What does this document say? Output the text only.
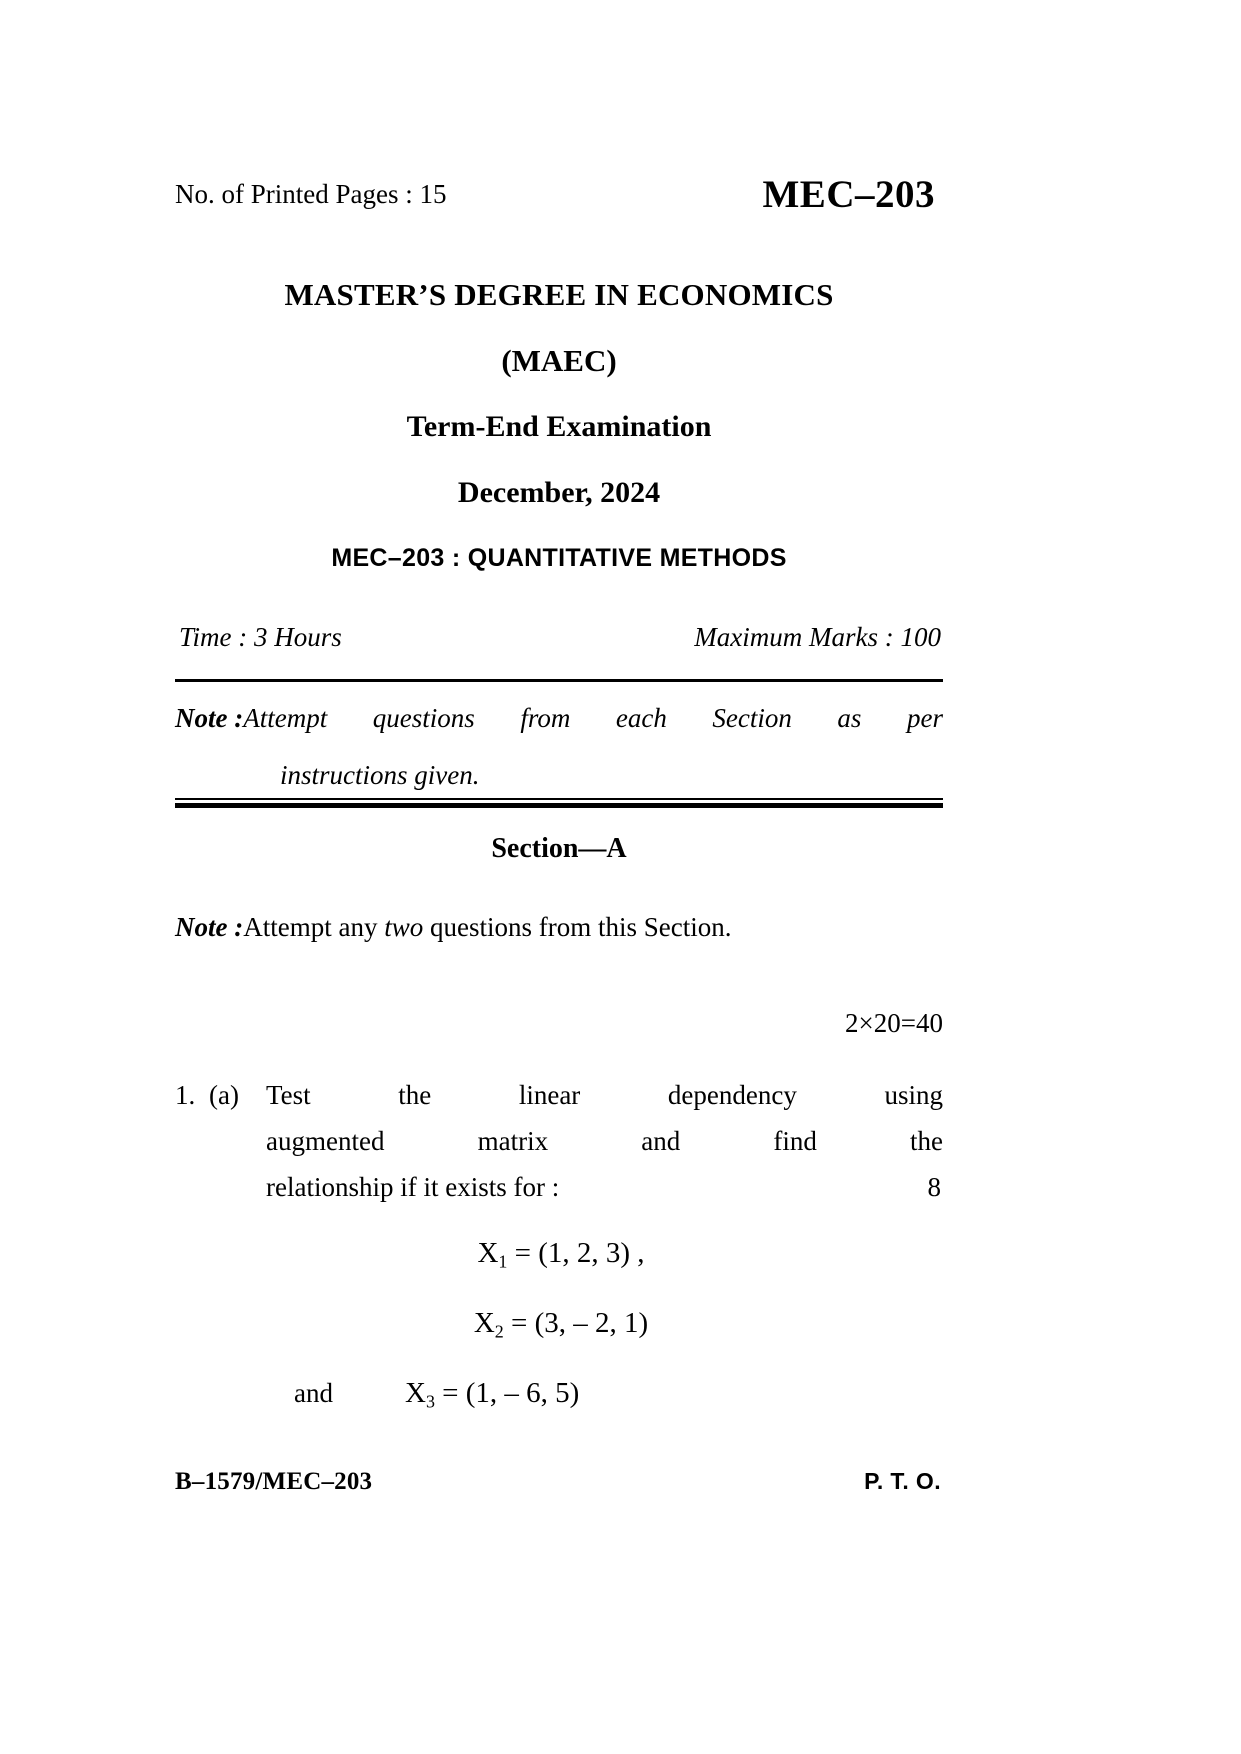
No. of Printed Pages : 15	MEC–203
MASTER’S DEGREE IN ECONOMICS
(MAEC)
Term-End Examination
December, 2024
MEC–203 : QUANTITATIVE METHODS
Time : 3 Hours	Maximum Marks : 100
Note : Attempt questions from each Section as per
instructions given.
Section—A
Note : Attempt any two questions from this Section.
2×20=40
1. (a)	Test the linear dependency using
augmented matrix and find the
relationship if it exists for :	8
$X_1 = (1$, 2, 3) ,
$X_2 = (3$, – 2, 1)
and $X_3 = (1$, – 6, 5)
B–1579/MEC–203	P. T. O.
